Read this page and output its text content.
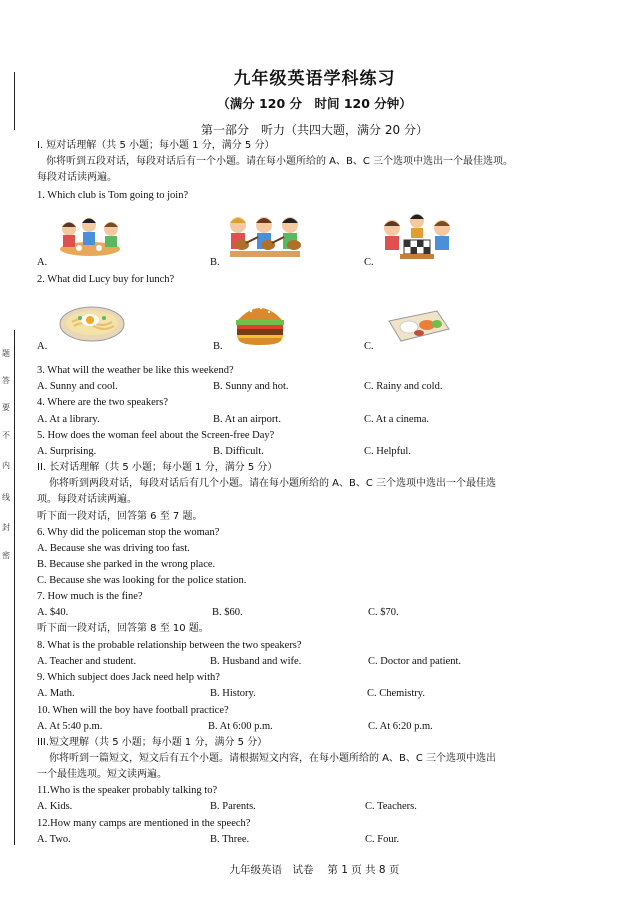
题
答
要
不
内
线
封
密
九年级英语学科练习
（满分 120 分　时间 120 分钟）
第一部分　听力（共四大题，满分 20 分）
I. 短对话理解（共 5 小题；每小题 1 分，满分 5 分）
你将听到五段对话，每段对话后有一个小题。请在每小题所给的 A、B、C 三个选项中选出一个最佳选项。
每段对话读两遍。
1. Which club is Tom going to join?
A.	B.	C.
2. What did Lucy buy for lunch?
A.	B.	C.
3. What will the weather be like this weekend?
A. Sunny and cool.	B. Sunny and hot.	C. Rainy and cold.
4. Where are the two speakers?
A. At a library.	B. At an airport.	C. At a cinema.
5. How does the woman feel about the Screen-free Day?
A. Surprising.	B. Difficult.	C. Helpful.
II. 长对话理解（共 5 小题；每小题 1 分，满分 5 分）
你将听到两段对话，每段对话后有几个小题。请在每小题所给的 A、B、C 三个选项中选出一个最佳选
项。每段对话读两遍。
听下面一段对话，回答第 6 至 7 题。
6. Why did the policeman stop the woman?
A. Because she was driving too fast.
B. Because she parked in the wrong place.
C. Because she was looking for the police station.
7. How much is the fine?
A. $40.	B. $60.	C. $70.
听下面一段对话，回答第 8 至 10 题。
8. What is the probable relationship between the two speakers?
A. Teacher and student.	B. Husband and wife.	C. Doctor and patient.
9. Which subject does Jack need help with?
A. Math.	B. History.	C. Chemistry.
10. When will the boy have football practice?
A. At 5:40 p.m.	B. At 6:00 p.m.	C. At 6:20 p.m.
III.短文理解（共 5 小题；每小题 1 分，满分 5 分）
你将听到一篇短文，短文后有五个小题。请根据短文内容，在每小题所给的 A、B、C 三个选项中选出
一个最佳选项。短文读两遍。
11.Who is the speaker probably talking to?
A. Kids.	B. Parents.	C. Teachers.
12.How many camps are mentioned in the speech?
A. Two.	B. Three.	C. Four.
九年级英语　试卷　 第 1 页 共 8 页
